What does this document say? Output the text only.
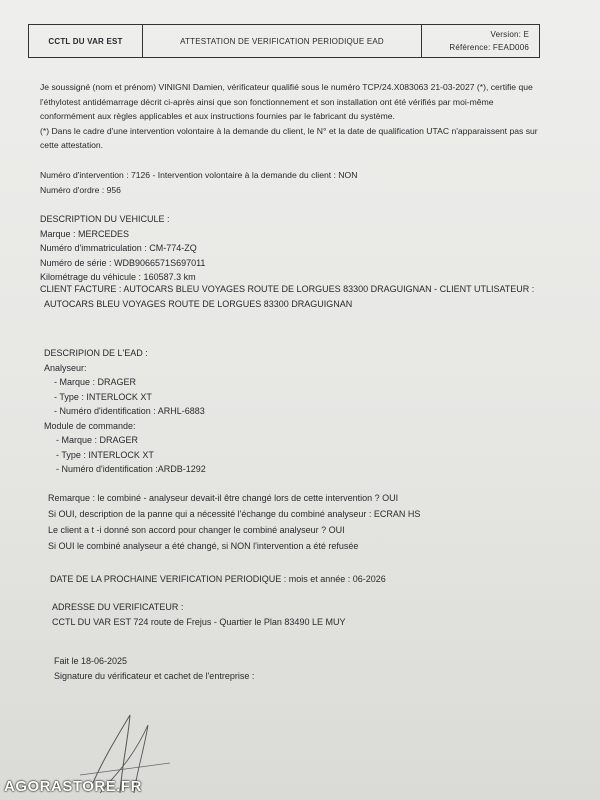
CCTL DU VAR EST	ATTESTATION DE VERIFICATION PERIODIQUE EAD
Version: E
Référence: FEAD006
Je soussigné (nom et prénom) VINIGNI Damien, vérificateur qualifié sous le numéro TCP/24.X083063 21-03-2027 (*), certifie que
l'éthylotest antidémarrage décrit ci-après ainsi que son fonctionnement et son installation ont été vérifiés par moi-même
conformément aux règles applicables et aux instructions fournies par le fabricant du système.
(*) Dans le cadre d'une intervention volontaire à la demande du client, le N° et la date de qualification UTAC n'apparaissent pas sur
cette attestation.
Numéro d'intervention : 7126 - Intervention volontaire à la demande du client : NON
Numéro d'ordre : 956
DESCRIPTION DU VEHICULE :
Marque : MERCEDES
Numéro d'immatriculation : CM-774-ZQ
Numéro de série : WDB9066571S697011
Kilométrage du véhicule : 160587.3 km
CLIENT FACTURE : AUTOCARS BLEU VOYAGES ROUTE DE LORGUES 83300 DRAGUIGNAN - CLIENT UTLISATEUR :
AUTOCARS BLEU VOYAGES ROUTE DE LORGUES 83300 DRAGUIGNAN
DESCRIPION DE L'EAD :
Analyseur:
- Marque : DRAGER
- Type : INTERLOCK XT
- Numéro d'identification : ARHL-6883
Module de commande:
- Marque : DRAGER
- Type : INTERLOCK XT
- Numéro d'identification :ARDB-1292
Remarque : le combiné - analyseur devait-il être changé lors de cette intervention ? OUI
Si OUI, description de la panne qui a nécessité l'échange du combiné analyseur : ECRAN HS
Le client a t -i donné son accord pour changer le combiné analyseur ? OUI
Si OUI le combiné analyseur a été changé, si NON l'intervention a été refusée
DATE DE LA PROCHAINE VERIFICATION PERIODIQUE : mois et année : 06-2026
ADRESSE DU VERIFICATEUR :
CCTL DU VAR EST 724 route de Frejus - Quartier le Plan 83490 LE MUY
Fait le 18-06-2025
Signature du vérificateur et cachet de l'entreprise :
AGORASTORE.FR
